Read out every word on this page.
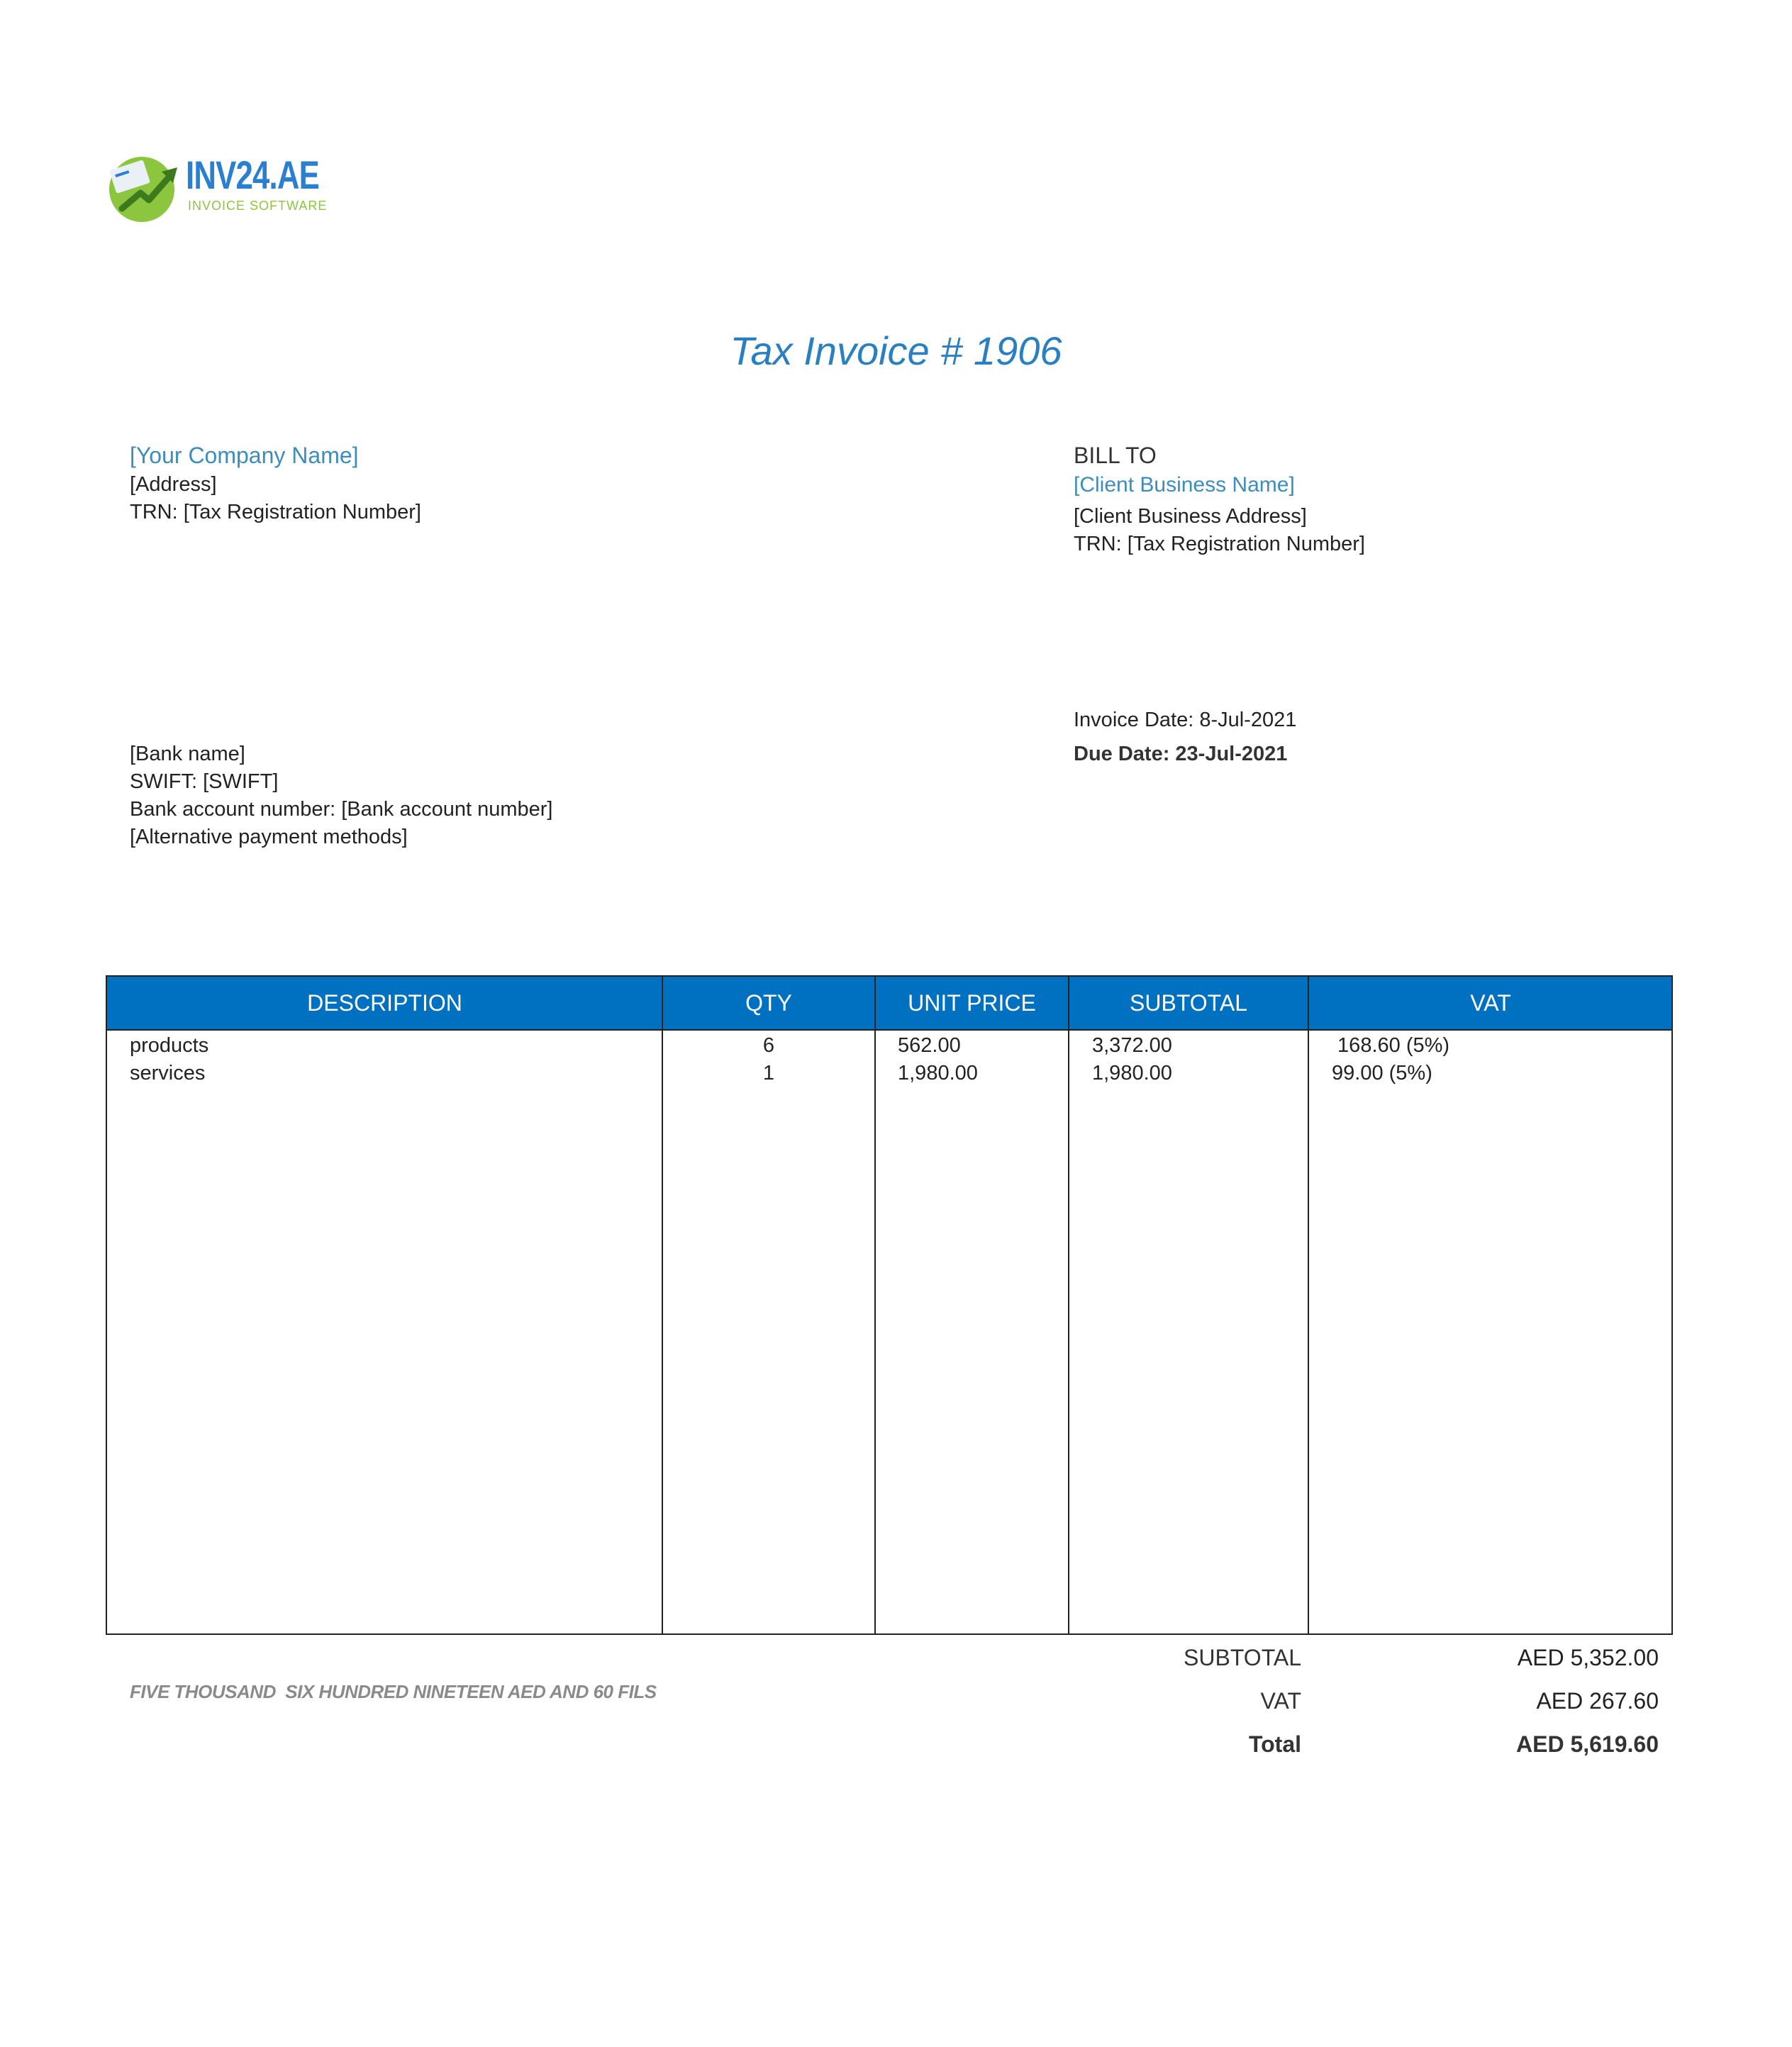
INV24.AE
INVOICE SOFTWARE
Tax Invoice # 1906
[Your Company Name]
[Address]
TRN: [Tax Registration Number]
BILL TO
[Client Business Name]
[Client Business Address]
TRN: [Tax Registration Number]
Invoice Date: 8-Jul-2021
Due Date: 23-Jul-2021
[Bank name]
SWIFT: [SWIFT]
Bank account number: [Bank account number]
[Alternative payment methods]
DESCRIPTION	QTY	UNIT PRICE	SUBTOTAL	VAT
products	6	562.00	3,372.00	168.60 (5%)
services	1	1,980.00	1,980.00	99.00 (5%)
FIVE THOUSAND  SIX HUNDRED NINETEEN AED AND 60 FILS
SUBTOTAL	AED 5,352.00
VAT	AED 267.60
Total	AED 5,619.60
